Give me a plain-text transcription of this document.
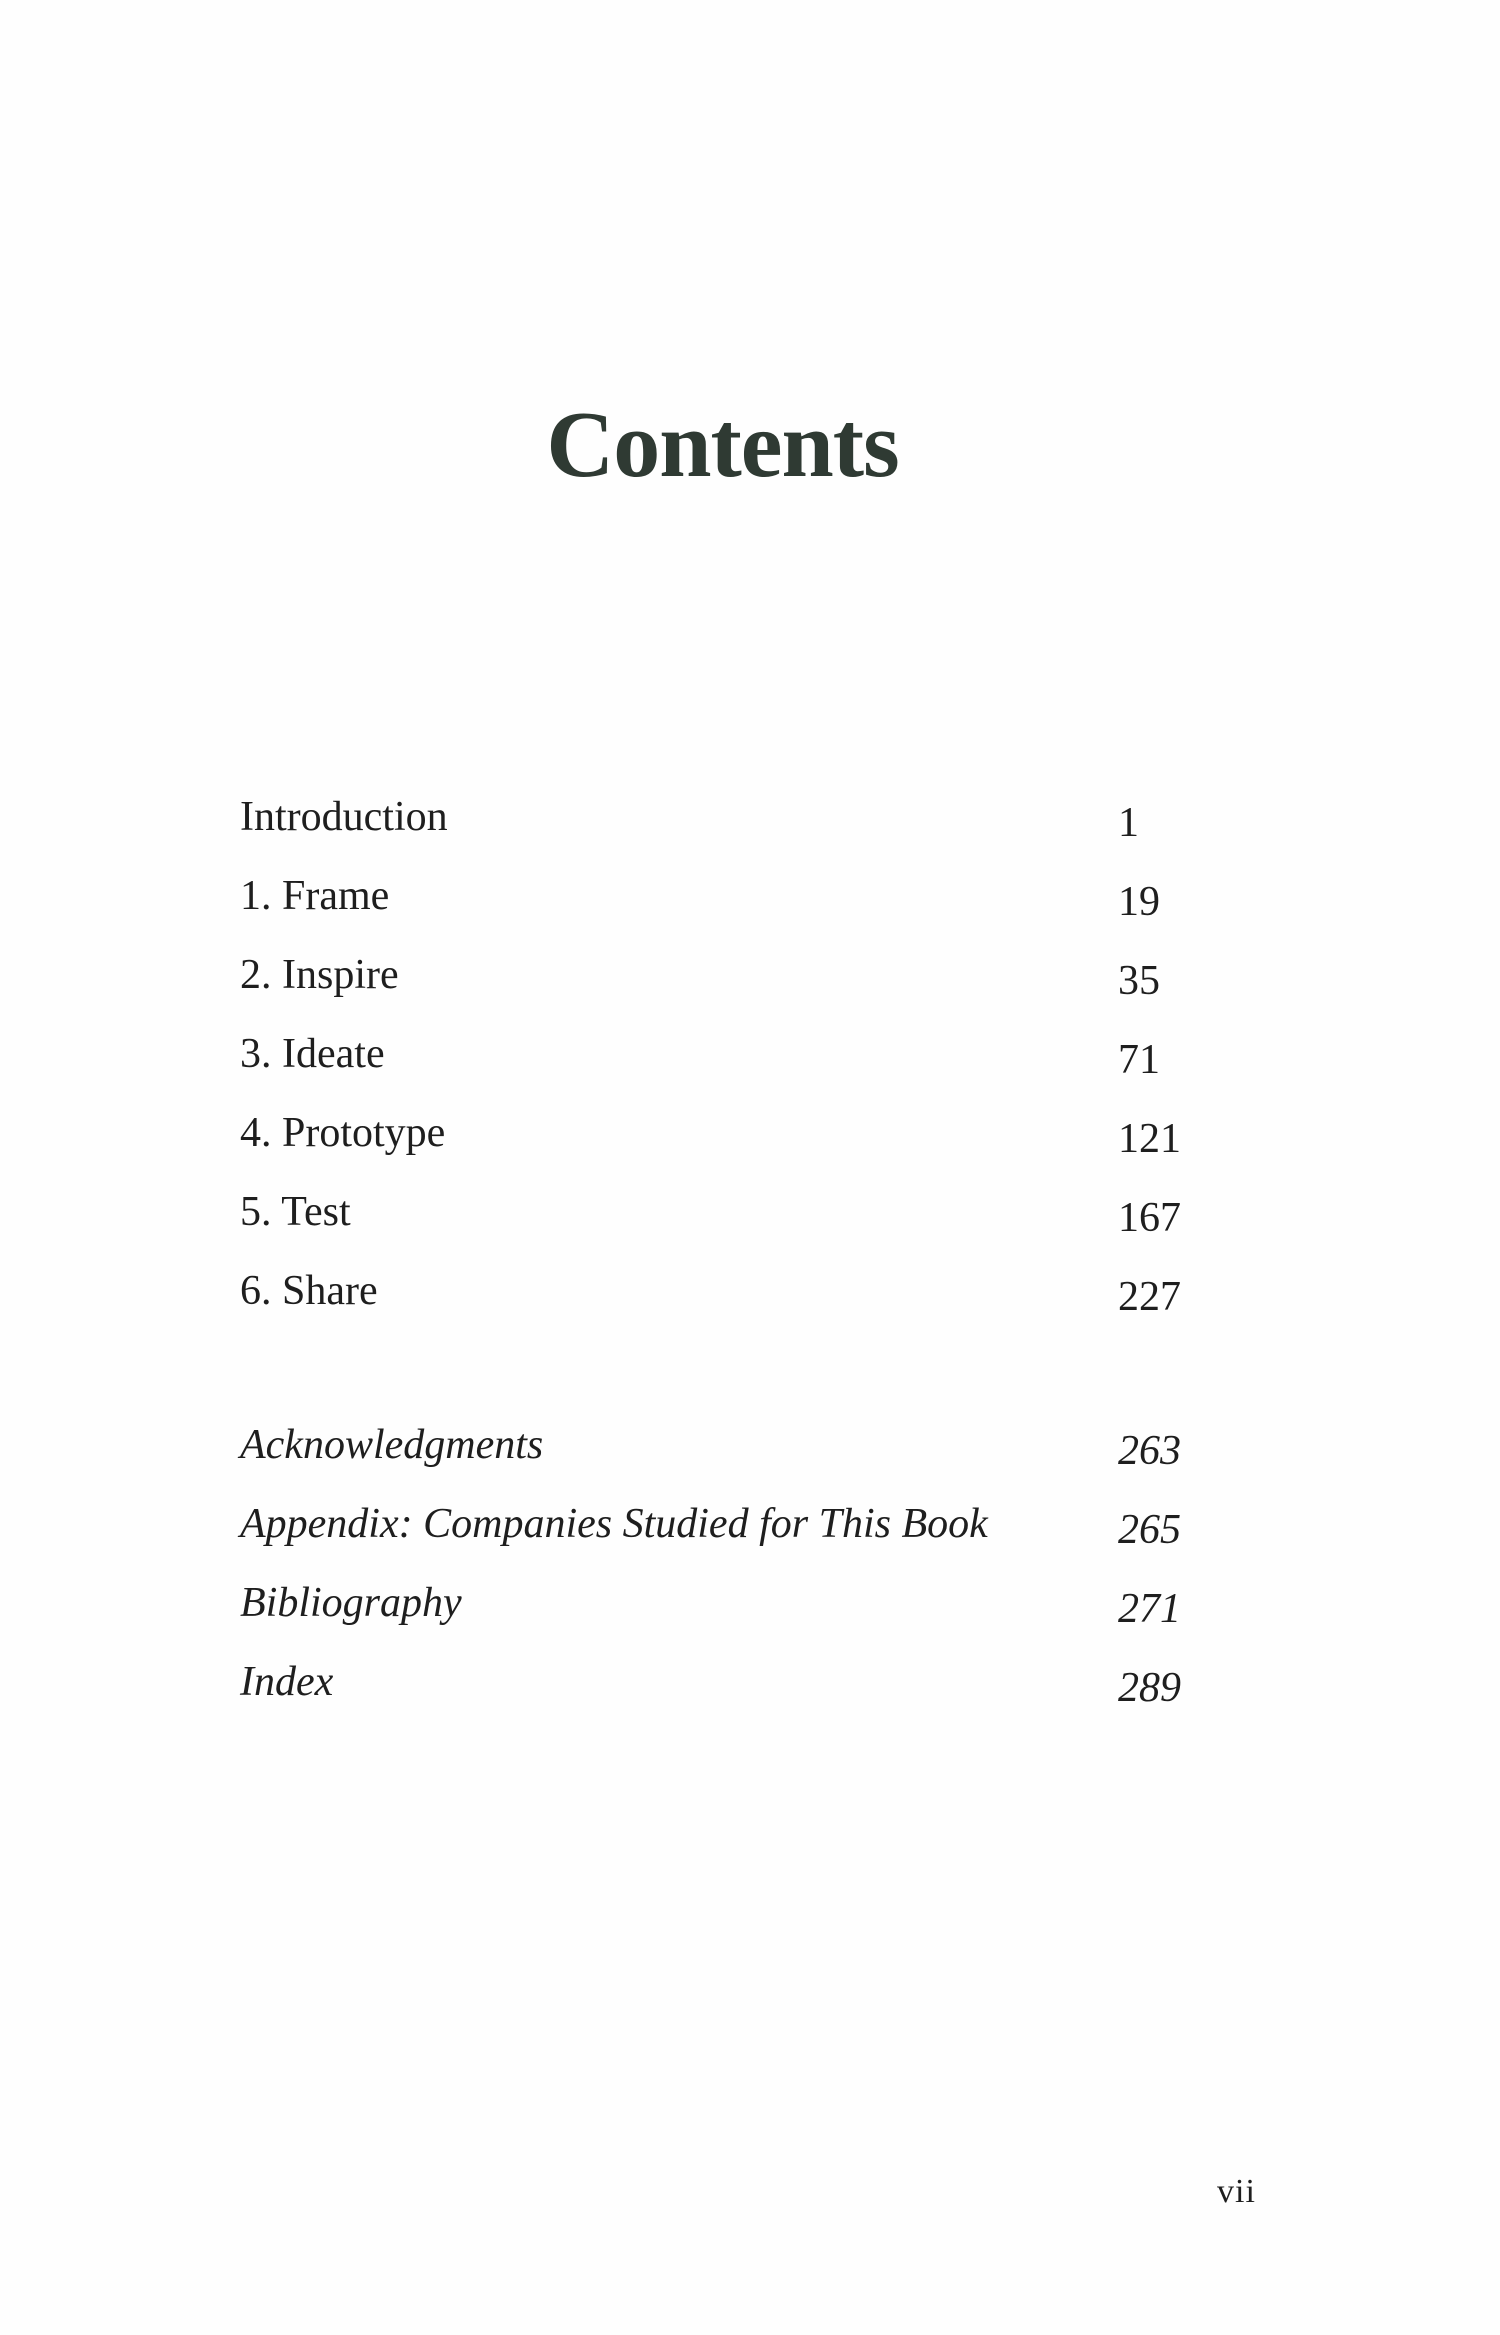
Contents
Introduction	1
1. Frame	19
2. Inspire	35
3. Ideate	71
4. Prototype	121
5. Test	167
6. Share	227
Acknowledgments	263
Appendix: Companies Studied for This Book	265
Bibliography	271
Index	289
vii
